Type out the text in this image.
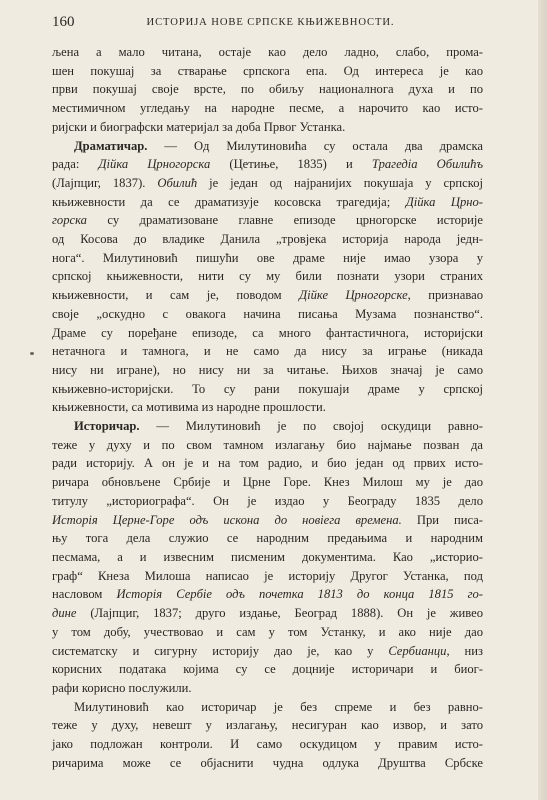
160	ИСТОРИЈА НОВЕ СРПСКЕ КЊИЖЕВНОСТИ.

љена а мало читана, остаје као дело ладно, слабо, прома-

шен покушај за стварање српскога епа. Од интереса је као

први покушај своје врсте, по обиљу националнога духа и по

местимичном угледању на народне песме, а нарочито као исто-

ријски и биографски материјал за доба Првог Устанка.

Драматичар. — Од Милутиновића су остала два драмска

рада: Дійка Црногорска (Цетиње, 1835) и Трагедіа Обилићъ

(Лајпциг, 1837). Обилић је један од најранијих покушаја у српској

књижевности да се драматизује косовска трагедија; Дійка Црно-

горска су драматизоване главне епизоде црногорске историје

од Косова до владике Данила „тровјека историја народа једн-

нога“. Милутиновић пишући ове драме није имао узора у

српској књижевности, нити су му били познати узори страних

књижевности, и сам је, поводом Дійке Црногорске, признавао

своје „оскудно с овакога начина писања Музама познанство“.

Драме су поређане епизоде, са много фантастичнога, историјски

нетачнога и тамнога, и не само да нису за играње (никада

нису ни игране), но нису ни за читање. Њихов значај је само

књижевно-историјски. То су рани покушаји драме у српској

књижевности, са мотивима из народне прошлости.

Историчар. — Милутиновић је по својој оскудици равно-

теже у духу и по свом тамном излагању био најмање позван да

ради историју. А он је и на том радио, и био један од првих исто-

ричара обновљене Србије и Црне Горе. Кнез Милош му је дао

титулу „историографа“. Он је издао у Београду 1835 дело

Исторія Церне-Горе одъ искона до новіега времена. При писа-

њу тога дела служио се народним предањима и народним

песмама, а и извесним писменим документима. Као „историо-

граф“ Кнеза Милоша написао је историју Другог Устанка, под

насловом Исторія Сербіе одъ почетка 1813 до конца 1815 го-

дине (Лајпциг, 1837; друго издање, Београд 1888). Он је живео

у том добу, учествовао и сам у том Устанку, и ако није дао

систематску и сигурну историју дао је, као у Сербианци, низ

корисних података којима су се доцније историчари и биог-

рафи корисно послужили.

Милутиновић као историчар је без спреме и без равно-

теже у духу, невешт у излагању, несигуран као извор, и зато

јако подложан контроли. И само оскудицом у правим исто-

ричарима може се објаснити чудна одлука Друштва Србске
